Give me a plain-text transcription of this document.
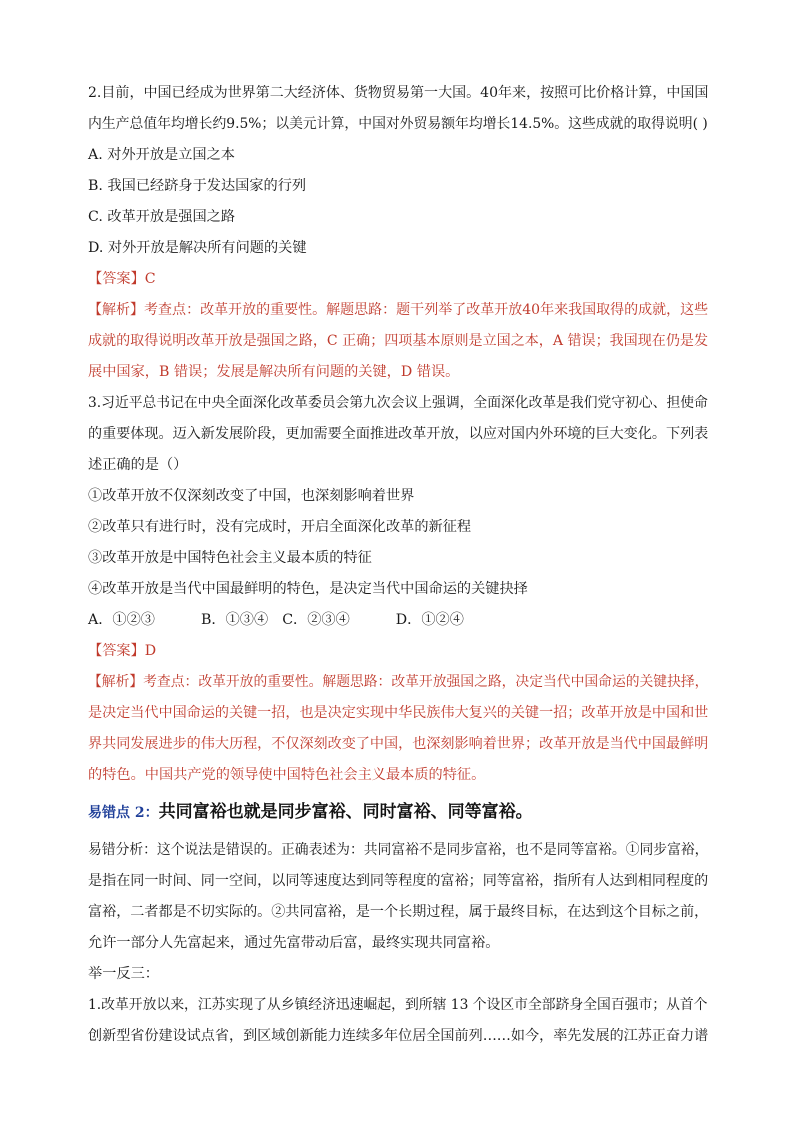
2.目前，中国已经成为世界第二大经济体、货物贸易第一大国。40年来，按照可比价格计算，中国国
内生产总值年均增长约9.5%；以美元计算，中国对外贸易额年均增长14.5%。这些成就的取得说明( )
A. 对外开放是立国之本
B. 我国已经跻身于发达国家的行列
C. 改革开放是强国之路
D. 对外开放是解决所有问题的关键
【答案】C
【解析】考查点：改革开放的重要性。解题思路：题干列举了改革开放40年来我国取得的成就，这些
成就的取得说明改革开放是强国之路，C 正确；四项基本原则是立国之本，A 错误；我国现在仍是发
展中国家，B 错误；发展是解决所有问题的关键，D 错误。
3.习近平总书记在中央全面深化改革委员会第九次会议上强调，全面深化改革是我们党守初心、担使命
的重要体现。迈入新发展阶段，更加需要全面推进改革开放，以应对国内外环境的巨大变化。下列表
述正确的是（）
①改革开放不仅深刻改变了中国，也深刻影响着世界
②改革只有进行时，没有完成时，开启全面深化改革的新征程
③改革开放是中国特色社会主义最本质的特征
④改革开放是当代中国最鲜明的特色，是决定当代中国命运的关键抉择
A．①②③	B．①③④ C．②③④	D．①②④
【答案】D
【解析】考查点：改革开放的重要性。解题思路：改革开放强国之路，决定当代中国命运的关键抉择，
是决定当代中国命运的关键一招，也是决定实现中华民族伟大复兴的关键一招；改革开放是中国和世
界共同发展进步的伟大历程，不仅深刻改变了中国，也深刻影响着世界；改革开放是当代中国最鲜明
的特色。中国共产党的领导使中国特色社会主义最本质的特征。
易错点 2：共同富裕也就是同步富裕、同时富裕、同等富裕。
易错分析：这个说法是错误的。正确表述为：共同富裕不是同步富裕，也不是同等富裕。①同步富裕，
是指在同一时间、同一空间，以同等速度达到同等程度的富裕；同等富裕，指所有人达到相同程度的
富裕，二者都是不切实际的。②共同富裕，是一个长期过程，属于最终目标，在达到这个目标之前，
允许一部分人先富起来，通过先富带动后富，最终实现共同富裕。
举一反三：
1.改革开放以来，江苏实现了从乡镇经济迅速崛起，到所辖 13 个设区市全部跻身全国百强市；从首个
创新型省份建设试点省，到区域创新能力连续多年位居全国前列……如今，率先发展的江苏正奋力谱
